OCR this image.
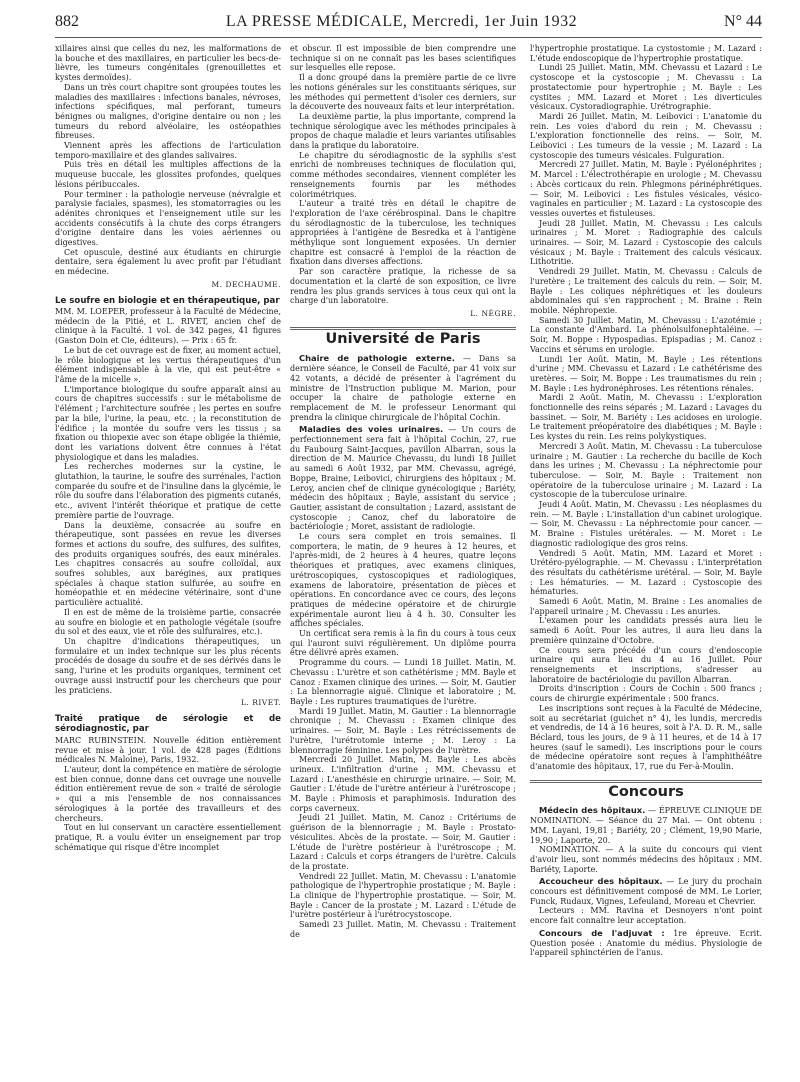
882	LA PRESSE MÉDICALE, Mercredi, 1er Juin 1932	N° 44

xillaires ainsi que celles du nez, les malformations de la bouche et des maxillaires, en particulier les becs-de-lièvre, les tumeurs congénitales (grenouillettes et kystes dermoïdes).

Dans un très court chapitre sont groupées toutes les maladies des maxillaires : infections banales, névroses, infections spécifiques, mal perforant, tumeurs bénignes ou malignes, d'origine dentaire ou non ; les tumeurs du rebord alvéolaire, les ostéopathies fibreuses.

Viennent après les affections de l'articulation temporo-maxillaire et des glandes salivaires.

Puis très en détail les multiples affections de la muqueuse buccale, les glossites profondes, quelques lésions péribuccales.

Pour terminer : la pathologie nerveuse (névralgie et paralysie faciales, spasmes), les stomatorragies ou les adénites chroniques et l'enseignement utile sur les accidents consécutifs à la chute des corps étrangers d'origine dentaire dans les voies aériennes ou digestives.

Cet opuscule, destiné aux étudiants en chirurgie dentaire, sera également lu avec profit par l'étudiant en médecine.

M. DECHAUME.
Le soufre en biologie et en thérapeutique, par

MM. M. LOEPER, professeur à la Faculté de Médecine, médecin de la Pitié, et L. RIVET, ancien chef de clinique à la Faculté. 1 vol. de 342 pages, 41 figures (Gaston Doin et Cie, éditeurs). — Prix : 65 fr.

Le but de cet ouvrage est de fixer, au moment actuel, le rôle biologique et les vertus thérapeutiques d'un élément indispensable à la vie, qui est peut-être « l'âme de la micelle ».

L'importance biologique du soufre apparaît ainsi au cours de chapitres successifs : sur le métabolisme de l'élément ; l'architecture soufrée ; les pertes en soufre par la bile, l'urine, la peau, etc. ; la reconstitution de l'édifice ; la montée du soufre vers les tissus ; sa fixation ou thiopexie avec son étape obligée la thiémie, dont les variations doivent être connues à l'état physiologique et dans les maladies.

Les recherches modernes sur la cystine, le glutathion, la taurine, le soufre des surrénales, l'action comparée du soufre et de l'insuline dans la glycémie, le rôle du soufre dans l'élaboration des pigments cutanés, etc., avivent l'intérêt théorique et pratique de cette première partie de l'ouvrage.

Dans la deuxième, consacrée au soufre en thérapeutique, sont passées en revue les diverses formes et actions du soufre, des sulfures, des sulfites, des produits organiques soufrés, des eaux minérales. Les chapitres consacrés au soufre colloïdal, aux soufres solubles, aux barégines, aux pratiques spéciales à chaque station sulfurée, au soufre en homéopathie et en médecine vétérinaire, sont d'une particulière actualité.

Il en est de même de la troisième partie, consacrée au soufre en biologie et en pathologie végétale (soufre du sol et des eaux, vie et rôle des sulfuraires, etc.).

Un chapitre d'indications thérapeutiques, un formulaire et un index technique sur les plus récents procédés de dosage du soufre et de ses dérivés dans le sang, l'urine et les produits organiques, terminent cet ouvrage aussi instructif pour les chercheurs que pour les praticiens.

L. RIVET.
Traité pratique de sérologie et de sérodiagnostic, par

MARC RUBINSTEIN. Nouvelle édition entièrement revue et mise à jour. 1 vol. de 428 pages (Éditions médicales N. Maloine), Paris, 1932.

L'auteur, dont la compétence en matière de sérologie est bien connue, donne dans cet ouvrage une nouvelle édition entièrement revue de son « traité de sérologie » qui a mis l'ensemble de nos connaissances sérologiques à la portée des travailleurs et des chercheurs.

Tout en lui conservant un caractère essentiellement pratique, R. a voulu éviter un enseignement par trop schématique qui risque d'être incomplet

et obscur. Il est impossible de bien comprendre une technique si on ne connaît pas les bases scientifiques sur lesquelles elle repose.

Il a donc groupé dans la première partie de ce livre les notions générales sur les constituants sériques, sur les méthodes qui permettent d'isoler ces derniers, sur la découverte des nouveaux faits et leur interprétation.

La deuxième partie, la plus importante, comprend la technique sérologique avec les méthodes principales à propos de chaque maladie et leurs variantes utilisables dans la pratique du laboratoire.

Le chapitre du sérodiagnostic de la syphilis s'est enrichi de nombreuses techniques de floculation qui, comme méthodes secondaires, viennent compléter les renseignements fournis par les méthodes colorimétriques.

L'auteur a traité très en détail le chapitre de l'exploration de l'axe cérébrospinal. Dans le chapitre du sérodiagnostic de la tuberculose, les techniques appropriées à l'antigène de Besredka et à l'antigène méthylique sont longuement exposées. Un dernier chapitre est consacré à l'emploi de la réaction de fixation dans diverses affections.

Par son caractère pratique, la richesse de sa documentation et la clarté de son exposition, ce livre rendra les plus grands services à tous ceux qui ont la charge d'un laboratoire.

L. NÈGRE.
Université de Paris

Chaire de pathologie externe. — Dans sa dernière séance, le Conseil de Faculté, par 41 voix sur 42 votants, a décidé de présenter à l'agrément du ministre de l'Instruction publique M. Marion, pour occuper la chaire de pathologie externe en remplacement de M. le professeur Lenormant qui prendra la clinique chirurgicale de l'hôpital Cochin.

Maladies des voies urinaires. — Un cours de perfectionnement sera fait à l'hôpital Cochin, 27, rue du Faubourg Saint-Jacques, pavillon Albarran, sous la direction de M. Maurice Chevassu, du lundi 18 Juillet au samedi 6 Août 1932, par MM. Chevassu, agrégé, Boppe, Braine, Leibovici, chirurgiens des hôpitaux ; M. Leroy, ancien chef de clinique gynécologique ; Bariéty, médecin des hôpitaux ; Bayle, assistant du service ; Gautier, assistant de consultation ; Lazard, assistant de cystoscopie ; Canoz, chef du laboratoire de bactériologie ; Moret, assistant de radiologie.

Le cours sera complet en trois semaines. Il comportera, le matin, de 9 heures à 12 heures, et l'après-midi, de 2 heures à 4 heures, quatre leçons théoriques et pratiques, avec examens cliniques, urétroscopiques, cystoscopiques et radiologiques, examens de laboratoire, présentation de pièces et opérations. En concordance avec ce cours, des leçons pratiques de médecine opératoire et de chirurgie expérimentale auront lieu à 4 h. 30. Consulter les affiches spéciales.

Un certificat sera remis à la fin du cours à tous ceux qui l'auront suivi régulièrement. Un diplôme pourra être délivré après examen.

Programme du cours. — Lundi 18 Juillet. Matin, M. Chevassu : L'urètre et son cathétérisme ; MM. Bayle et Canoz : Examen clinique des urines. — Soir, M. Gautier : La blennorragie aiguë. Clinique et laboratoire ; M. Bayle : Les ruptures traumatiques de l'urètre.

Mardi 19 Juillet. Matin, M. Gautier : La blennorragie chronique ; M. Chevassu : Examen clinique des urinaires. — Soir, M. Bayle : Les rétrécissements de l'urètre, l'urétrotomie interne ; M. Leroy : La blennorragie féminine. Les polypes de l'urètre.

Mercredi 20 Juillet. Matin, M. Bayle : Les abcès urineux. L'infiltration d'urine ; MM. Chevassu et Lazard : L'anesthésie en chirurgie urinaire. — Soir, M. Gautier : L'étude de l'urètre antérieur à l'urétroscope ; M. Bayle : Phimosis et paraphimosis. Induration des corps caverneux.

Jeudi 21 Juillet. Matin, M. Canoz : Critériums de guérison de la blennorragie ; M. Bayle : Prostato-vésiculites. Abcès de la prostate. — Soir, M. Gautier : L'étude de l'urètre postérieur à l'urétroscope ; M. Lazard : Calculs et corps étrangers de l'urètre. Calculs de la prostate.

Vendredi 22 Juillet. Matin, M. Chevassu : L'anatomie pathologique de l'hypertrophie prostatique ; M. Bayle : La clinique de l'hypertrophie prostatique. — Soir, M. Bayle : Cancer de la prostate ; M. Lazard : L'étude de l'urètre postérieur à l'urétrocystoscope.

Samedi 23 Juillet. Matin, M. Chevassu : Traitement de

l'hypertrophie prostatique. La cystostomie ; M. Lazard : L'étude endoscopique de l'hypertrophie prostatique.

Lundi 25 Juillet. Matin, MM. Chevassu et Lazard : Le cystoscope et la cystoscopie ; M. Chevassu : La prostatectomie pour hypertrophie ; M. Bayle : Les cystites ; MM. Lazard et Moret : Les diverticules vésicaux. Cystoradiographie. Urétrographie.

Mardi 26 Juillet. Matin, M. Leibovici : L'anatomie du rein. Les voies d'abord du rein ; M. Chevassu : L'exploration fonctionnelle des reins. — Soir, M. Leibovici : Les tumeurs de la vessie ; M. Lazard : La cystoscopie des tumeurs vésicales. Fulguration.

Mercredi 27 Juillet. Matin, M. Bayle : Pyélonéphrites ; M. Marcel : L'électrothérapie en urologie ; M. Chevassu : Abcès corticaux du rein. Phlegmons périnéphrétiques. — Soir, M. Leibovici : Les fistules vésicales, vésico-vaginales en particulier ; M. Lazard : La cystoscopie des vessies ouvertes et fistuleuses.

Jeudi 28 Juillet. Matin, M. Chevassu : Les calculs urinaires ; M. Moret : Radiographie des calculs urinaires. — Soir, M. Lazard : Cystoscopie des calculs vésicaux ; M. Bayle : Traitement des calculs vésicaux. Lithotritie.

Vendredi 29 Juillet. Matin, M. Chevassu : Calculs de l'uretère ; Le traitement des calculs du rein. — Soir, M. Bayle : Les coliques néphrétiques et les douleurs abdominales qui s'en rapprochent ; M. Braine : Rein mobile. Néphropexie.

Samedi 30 Juillet. Matin, M. Chevassu : L'azotémie ; La constante d'Ambard. La phénolsulfonephtaléine. — Soir, M. Boppe : Hypospadias. Epispadias ; M. Canoz : Vaccins et sérums en urologie.

Lundi 1er Août. Matin, M. Bayle : Les rétentions d'urine ; MM. Chevassu et Lazard : Le cathétérisme des uretères. — Soir, M. Boppe : Les traumatismes du rein ; M. Bayle : Les hydronéphroses. Les rétentions rénales.

Mardi 2 Août. Matin, M. Chevassu : L'exploration fonctionnelle des reins séparés ; M. Lazard : Lavages du bassinet. — Soir, M. Bariéty : Les acidoses en urologie. Le traitement préopératoire des diabétiques ; M. Bayle : Les kystes du rein. Les reins polykystiques.

Mercredi 3 Août. Matin, M. Chevassu : La tuberculose urinaire ; M. Gautier : La recherche du bacille de Koch dans les urines ; M. Chevassu : La néphrectomie pour tuberculose. — Soir, M. Bayle : Traitement non opératoire de la tuberculose urinaire ; M. Lazard : La cystoscopie de la tuberculose urinaire.

Jeudi 4 Août. Matin, M. Chevassu : Les néoplasmes du rein. — M. Bayle : L'installation d'un cabinet urologique. — Soir, M. Chevassu : La néphrectomie pour cancer. — M. Braine : Fistules urétérales. — M. Moret : Le diagnostic radiologique des gros reins.

Vendredi 5 Août. Matin, MM. Lazard et Moret : Urétéro-pyélographie. — M. Chevassu : L'interprétation des résultats du cathétérisme urétéral. — Soir, M. Bayle : Les hématuries. — M. Lazard : Cystoscopie des hématuries.

Samedi 6 Août. Matin, M. Braine : Les anomalies de l'appareil urinaire ; M. Chevassu : Les anuries.

L'examen pour les candidats pressés aura lieu le samedi 6 Août. Pour les autres, il aura lieu dans la première quinzaine d'Octobre.

Ce cours sera précédé d'un cours d'endoscopie urinaire qui aura lieu du 4 au 16 Juillet. Pour renseignements et inscriptions, s'adresser au laboratoire de bactériologie du pavillon Albarran.

Droits d'inscription : Cours de Cochin : 500 francs ; cours de chirurgie expérimentale : 500 francs.

Les inscriptions sont reçues à la Faculté de Médecine, soit au secrétariat (guichet n° 4), les lundis, mercredis et vendredis, de 14 à 16 heures, soit à l'A. D. R. M., salle Béclard, tous les jours, de 9 à 11 heures, et de 14 à 17 heures (sauf le samedi). Les inscriptions pour le cours de médecine opératoire sont reçues à l'amphithéâtre d'anatomie des hôpitaux, 17, rue du Fer-à-Moulin.

Concours

Médecin des hôpitaux. — ÉPREUVE CLINIQUE DE NOMINATION. — Séance du 27 Mai. — Ont obtenu : MM. Layani, 19,81 ; Bariéty, 20 ; Clément, 19,90 Marie, 19,90 ; Laporte, 20.

NOMINATION. — A la suite du concours qui vient d'avoir lieu, sont nommés médecins des hôpitaux : MM. Bariéty, Laporte.

Accoucheur des hôpitaux. — Le jury du prochain concours est définitivement composé de MM. Le Lorier, Funck, Rudaux, Vignes, Lefeuland, Moreau et Chevrier.

Lecteurs : MM. Ravina et Desnoyers n'ont point encore fait connaître leur acceptation.

Concours de l'adjuvat : 1re épreuve. Ecrit. Question posée : Anatomie du médius. Physiologie de l'appareil sphinctérien de l'anus.
